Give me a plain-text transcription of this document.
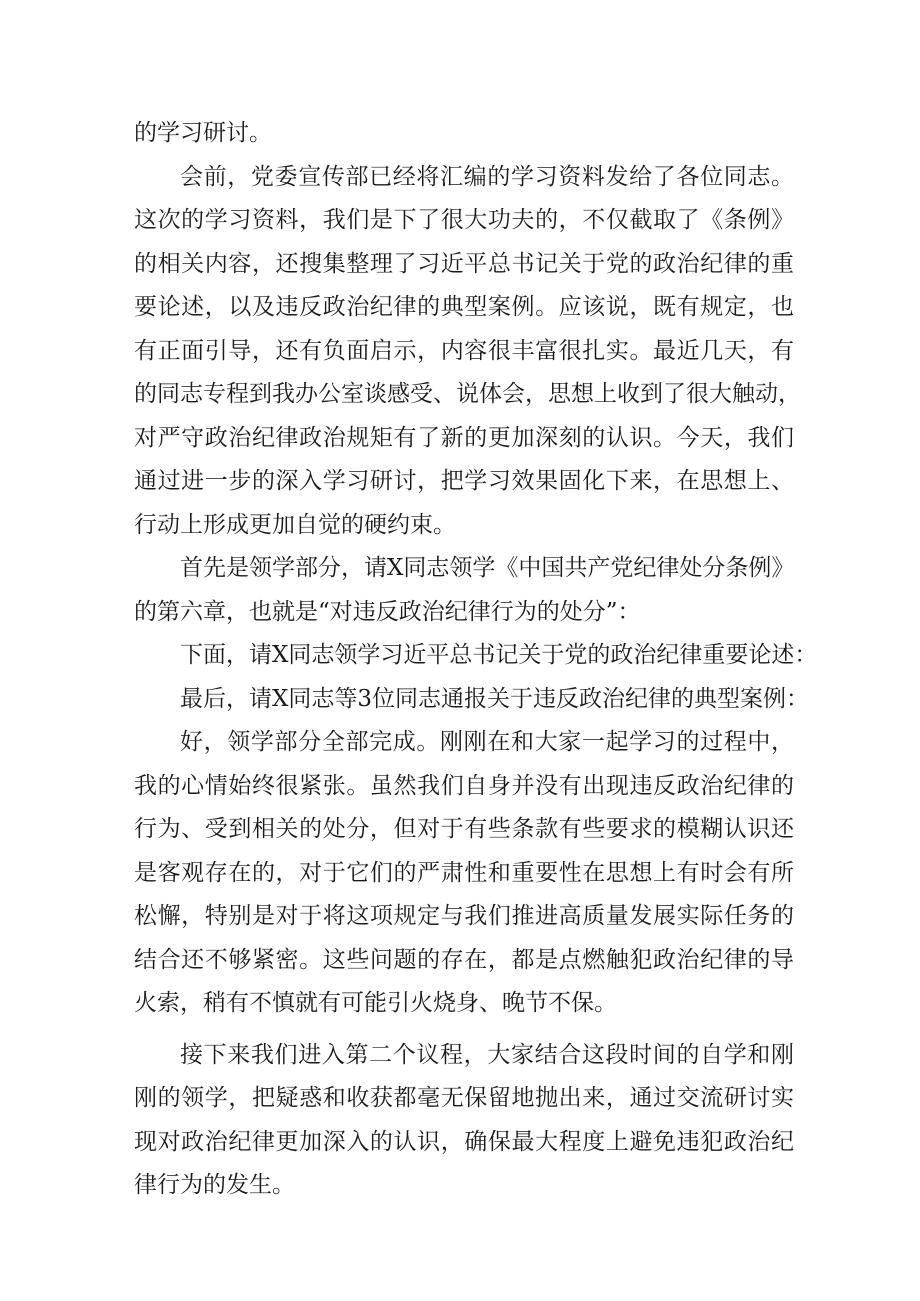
的学习研讨。
会前，党委宣传部已经将汇编的学习资料发给了各位同志。
这次的学习资料，我们是下了很大功夫的，不仅截取了《条例》
的相关内容，还搜集整理了习近平总书记关于党的政治纪律的重
要论述，以及违反政治纪律的典型案例。应该说，既有规定，也
有正面引导，还有负面启示，内容很丰富很扎实。最近几天，有
的同志专程到我办公室谈感受、说体会，思想上收到了很大触动，
对严守政治纪律政治规矩有了新的更加深刻的认识。今天，我们
通过进一步的深入学习研讨，把学习效果固化下来，在思想上、
行动上形成更加自觉的硬约束。
首先是领学部分，请X同志领学《中国共产党纪律处分条例》
的第六章，也就是“对违反政治纪律行为的处分”：
下面，请X同志领学习近平总书记关于党的政治纪律重要论述：
最后，请X同志等3位同志通报关于违反政治纪律的典型案例：
好，领学部分全部完成。刚刚在和大家一起学习的过程中，
我的心情始终很紧张。虽然我们自身并没有出现违反政治纪律的
行为、受到相关的处分，但对于有些条款有些要求的模糊认识还
是客观存在的，对于它们的严肃性和重要性在思想上有时会有所
松懈，特别是对于将这项规定与我们推进高质量发展实际任务的
结合还不够紧密。这些问题的存在，都是点燃触犯政治纪律的导
火索，稍有不慎就有可能引火烧身、晚节不保。
接下来我们进入第二个议程，大家结合这段时间的自学和刚
刚的领学，把疑惑和收获都毫无保留地抛出来，通过交流研讨实
现对政治纪律更加深入的认识，确保最大程度上避免违犯政治纪
律行为的发生。
